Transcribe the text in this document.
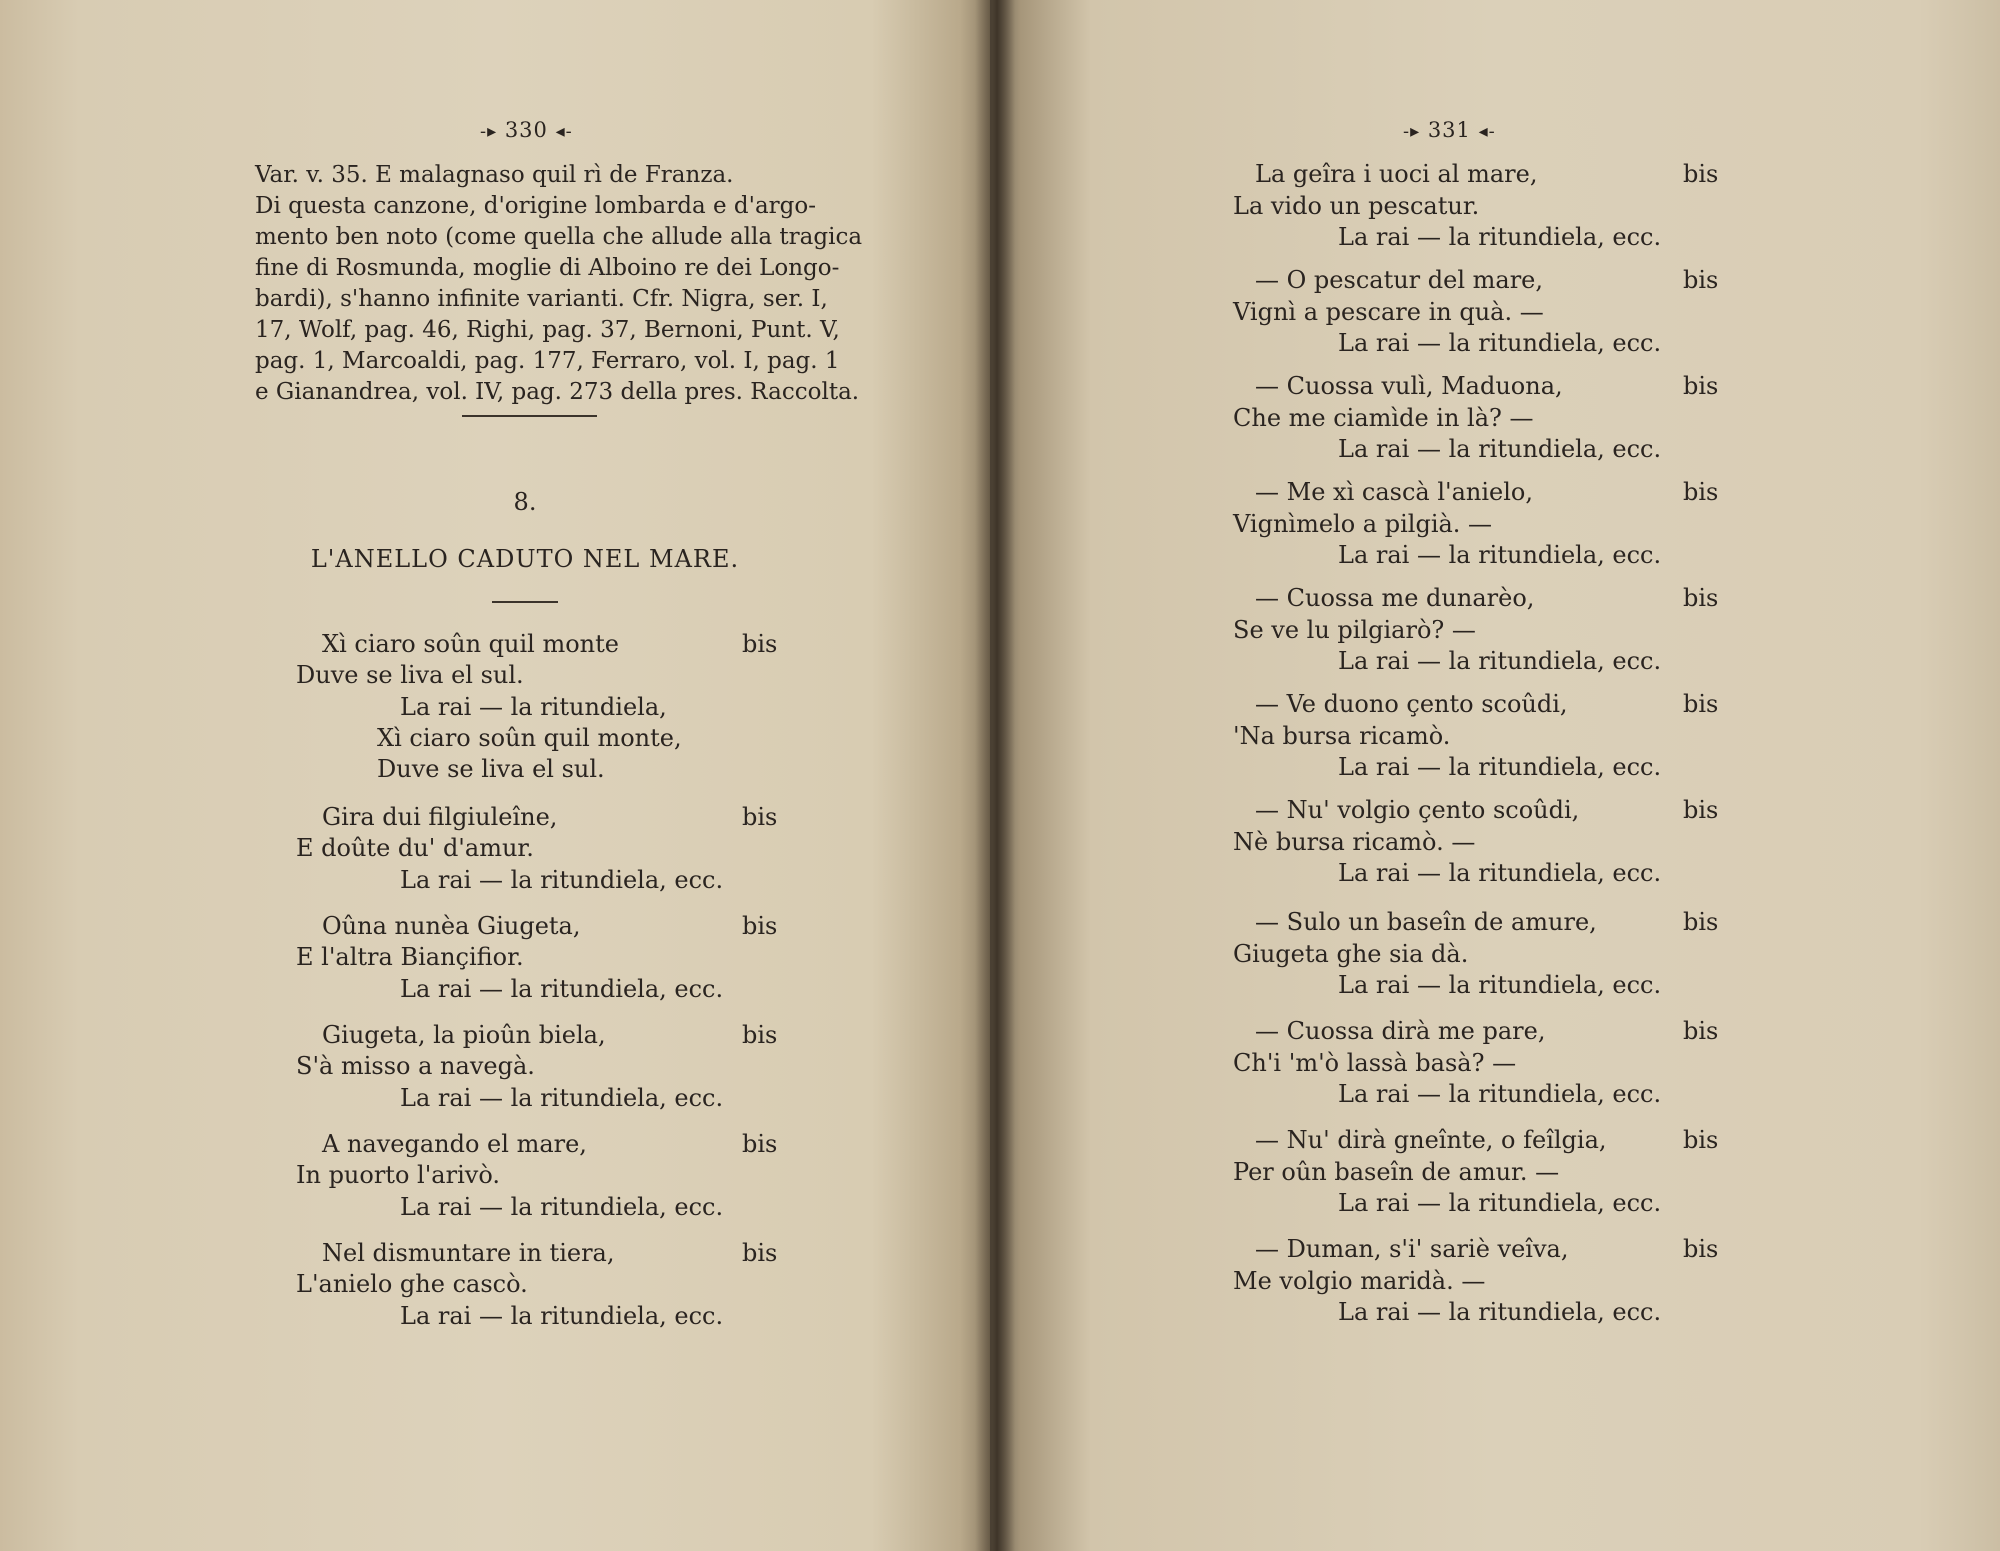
-▸ 330 ◂-
Var. v. 35. E malagnaso quil rì de Franza.
Di questa canzone, d'origine lombarda e d'argo-
mento ben noto (come quella che allude alla tragica
fine di Rosmunda, moglie di Alboino re dei Longo-
bardi), s'hanno infinite varianti. Cfr. Nigra, ser. I,
17, Wolf, pag. 46, Righi, pag. 37, Bernoni, Punt. V,
pag. 1, Marcoaldi, pag. 177, Ferraro, vol. I, pag. 1
e Gianandrea, vol. IV, pag. 273 della pres. Raccolta.
8.
L'ANELLO CADUTO NEL MARE.
Xì ciaro soûn quil monte	bis
Duve se liva el sul.
La rai — la ritundiela,
Xì ciaro soûn quil monte,
Duve se liva el sul.
Gira dui filgiuleîne,	bis
E doûte du' d'amur.
La rai — la ritundiela, ecc.
Oûna nunèa Giugeta,	bis
E l'altra Biançifior.
La rai — la ritundiela, ecc.
Giugeta, la pioûn biela,	bis
S'à misso a navegà.
La rai — la ritundiela, ecc.
A navegando el mare,	bis
In puorto l'arivò.
La rai — la ritundiela, ecc.
Nel dismuntare in tiera,	bis
L'anielo ghe cascò.
La rai — la ritundiela, ecc.
-▸ 331 ◂-
La geîra i uoci al mare,	bis
La vido un pescatur.
La rai — la ritundiela, ecc.
— O pescatur del mare,	bis
Vignì a pescare in quà. —
La rai — la ritundiela, ecc.
— Cuossa vulì, Maduona,	bis
Che me ciamìde in là? —
La rai — la ritundiela, ecc.
— Me xì cascà l'anielo,	bis
Vignìmelo a pilgià. —
La rai — la ritundiela, ecc.
— Cuossa me dunarèo,	bis
Se ve lu pilgiarò? —
La rai — la ritundiela, ecc.
— Ve duono çento scoûdi,	bis
'Na bursa ricamò.
La rai — la ritundiela, ecc.
— Nu' volgio çento scoûdi,	bis
Nè bursa ricamò. —
La rai — la ritundiela, ecc.
— Sulo un baseîn de amure,	bis
Giugeta ghe sia dà.
La rai — la ritundiela, ecc.
— Cuossa dirà me pare,	bis
Ch'i 'm'ò lassà basà? —
La rai — la ritundiela, ecc.
— Nu' dirà gneînte, o feîlgia,	bis
Per oûn baseîn de amur. —
La rai — la ritundiela, ecc.
— Duman, s'i' sariè veîva,	bis
Me volgio maridà. —
La rai — la ritundiela, ecc.
